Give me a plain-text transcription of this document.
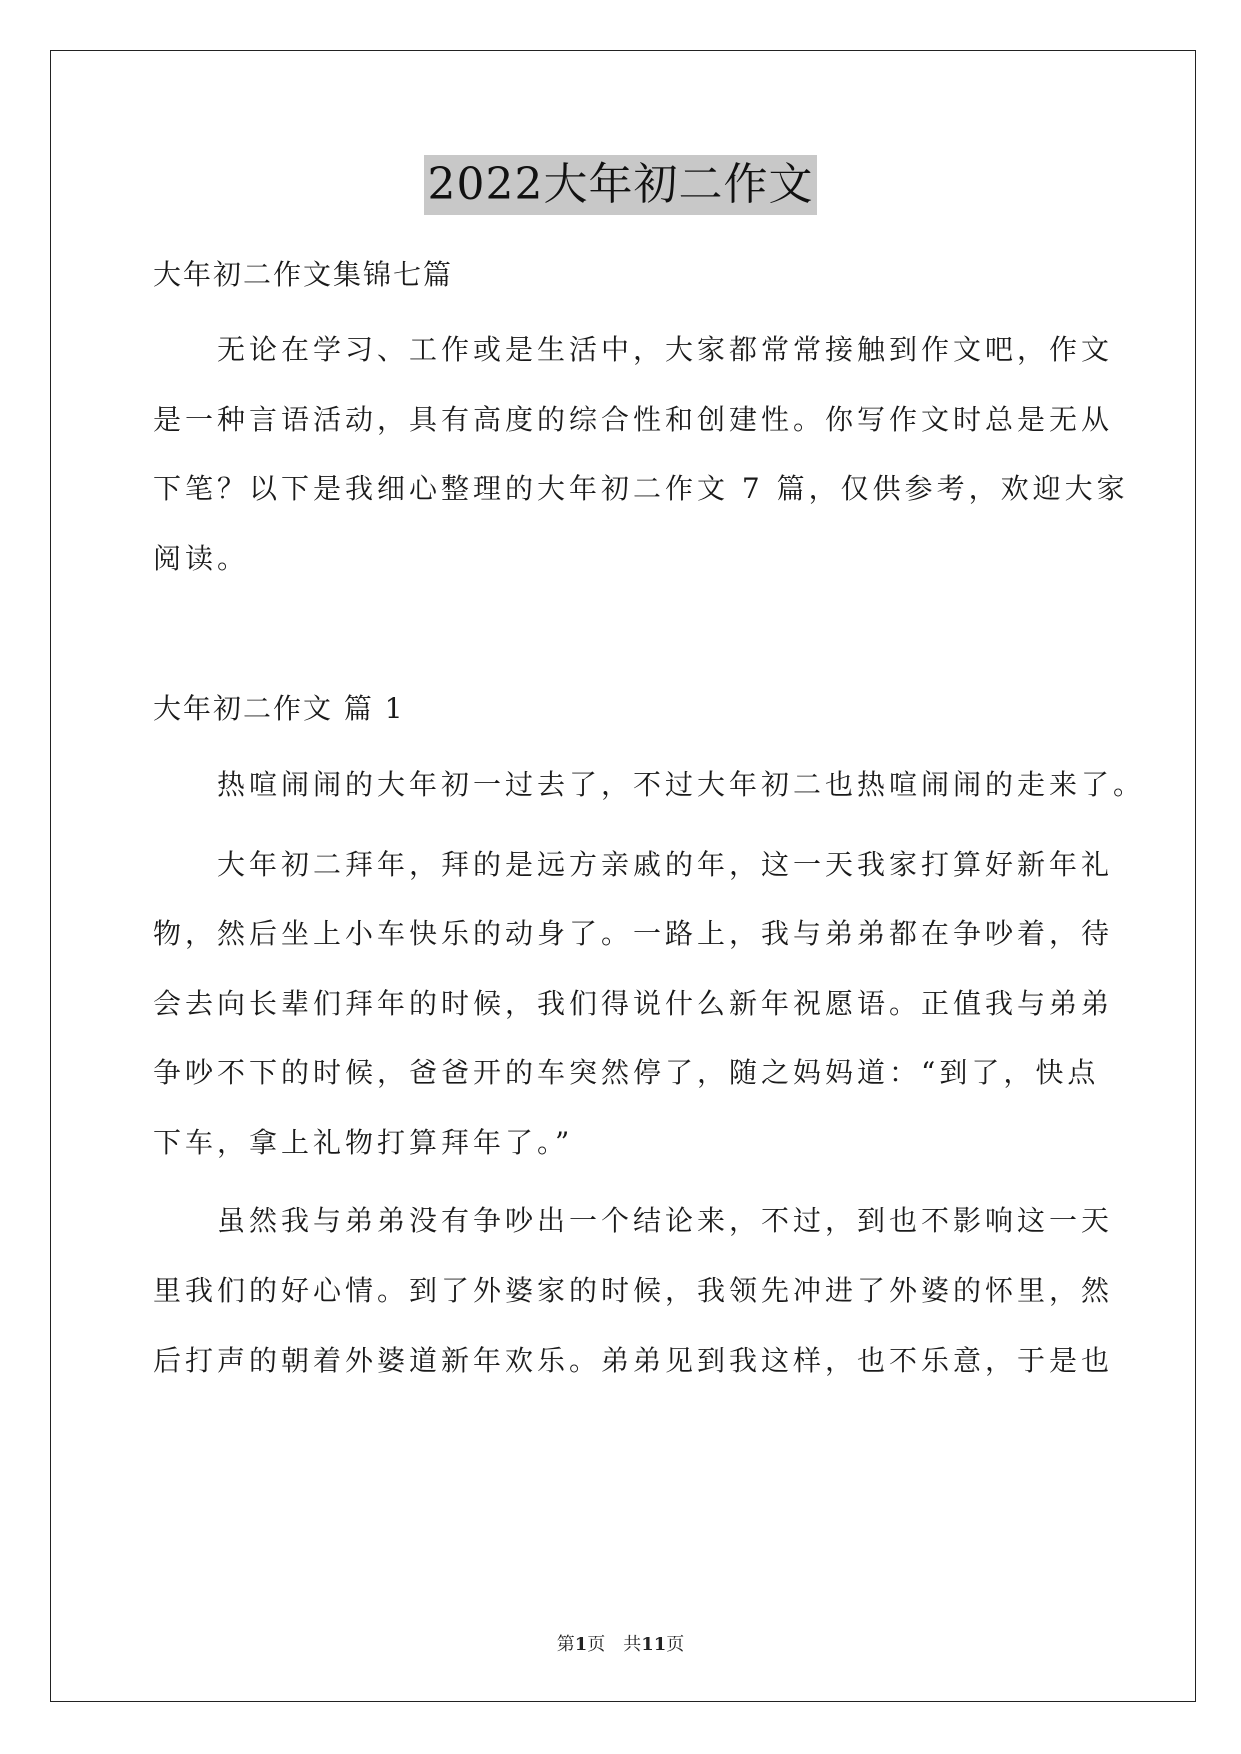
2022大年初二作文
大年初二作文集锦七篇
　　无论在学习、工作或是生活中，大家都常常接触到作文吧，作文
是一种言语活动，具有高度的综合性和创建性。你写作文时总是无从
下笔？以下是我细心整理的大年初二作文 7 篇，仅供参考，欢迎大家
阅读。
大年初二作文 篇 1
　　热喧闹闹的大年初一过去了，不过大年初二也热喧闹闹的走来了。
　　大年初二拜年，拜的是远方亲戚的年，这一天我家打算好新年礼
物，然后坐上小车快乐的动身了。一路上，我与弟弟都在争吵着，待
会去向长辈们拜年的时候，我们得说什么新年祝愿语。正值我与弟弟
争吵不下的时候，爸爸开的车突然停了，随之妈妈道：“到了，快点
下车，拿上礼物打算拜年了。”
　　虽然我与弟弟没有争吵出一个结论来，不过，到也不影响这一天
里我们的好心情。到了外婆家的时候，我领先冲进了外婆的怀里，然
后打声的朝着外婆道新年欢乐。弟弟见到我这样，也不乐意，于是也
第1页　共11页
